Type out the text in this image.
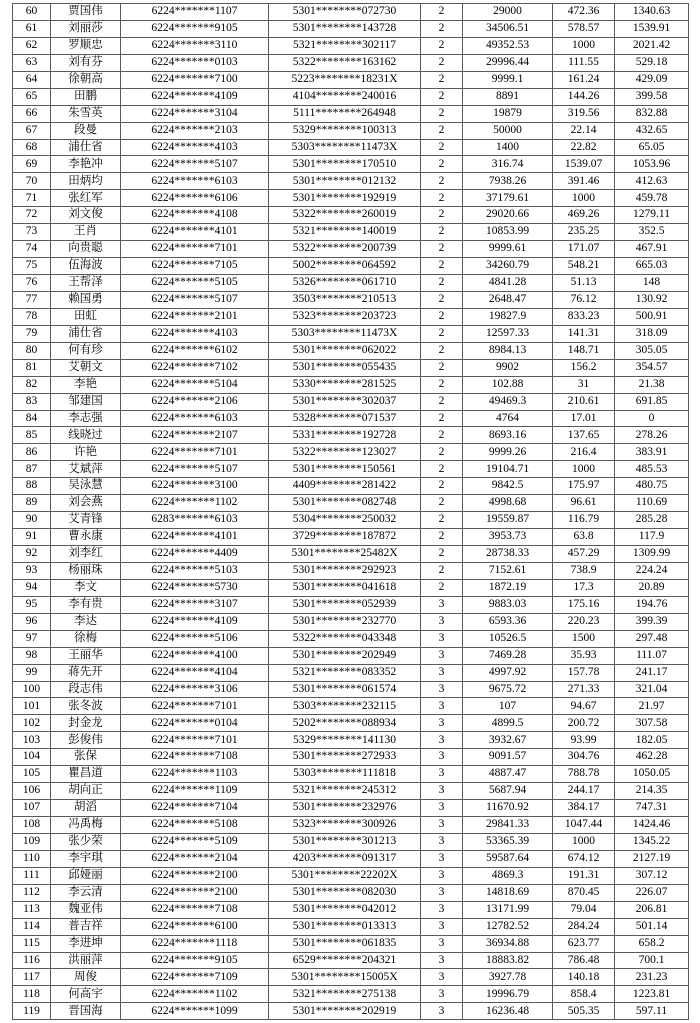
60	贾国伟	6224*******1107	5301********072730	2	29000	472.36	1340.63
61	刘丽莎	6224*******9105	5301********143728	2	34506.51	578.57	1539.91
62	罗顺忠	6224*******3110	5321********302117	2	49352.53	1000	2021.42
63	刘有芬	6224*******0103	5322********163162	2	29996.44	111.55	529.18
64	徐朝高	6224*******7100	5223********18231X	2	9999.1	161.24	429.09
65	田鹏	6224*******4109	4104********240016	2	8891	144.26	399.58
66	朱雪英	6224*******3104	5111********264948	2	19879	319.56	832.88
67	段曼	6224*******2103	5329********100313	2	50000	22.14	432.65
68	浦仕省	6224*******4103	5303********11473X	2	1400	22.82	65.05
69	李艳冲	6224*******5107	5301********170510	2	316.74	1539.07	1053.96
70	田炳均	6224*******6103	5301********012132	2	7938.26	391.46	412.63
71	张红军	6224*******6106	5301********192919	2	37179.61	1000	459.78
72	刘文俊	6224*******4108	5322********260019	2	29020.66	469.26	1279.11
73	王肖	6224*******4101	5321********140019	2	10853.99	235.25	352.5
74	向贵聪	6224*******7101	5322********200739	2	9999.61	171.07	467.91
75	伍海波	6224*******7105	5002********064592	2	34260.79	548.21	665.03
76	王帮泽	6224*******5105	5326********061710	2	4841.28	51.13	148
77	赖国勇	6224*******5107	3503********210513	2	2648.47	76.12	130.92
78	田虹	6224*******2101	5323********203723	2	19827.9	833.23	500.91
79	浦仕省	6224*******4103	5303********11473X	2	12597.33	141.31	318.09
80	何有珍	6224*******6102	5301********062022	2	8984.13	148.71	305.05
81	艾朝文	6224*******7102	5301********055435	2	9902	156.2	354.57
82	李艳	6224*******5104	5330********281525	2	102.88	31	21.38
83	邹建国	6224*******2106	5301********302037	2	49469.3	210.61	691.85
84	李志强	6224*******6103	5328********071537	2	4764	17.01	0
85	线晓过	6224*******2107	5331********192728	2	8693.16	137.65	278.26
86	许艳	6224*******7101	5322********123027	2	9999.26	216.4	383.91
87	艾斌萍	6224*******5107	5301********150561	2	19104.71	1000	485.53
88	吴泳慧	6224*******3100	4409********281422	2	9842.5	175.97	480.75
89	刘会燕	6224*******1102	5301********082748	2	4998.68	96.61	110.69
90	艾青锋	6283*******6103	5304********250032	2	19559.87	116.79	285.28
91	曹永康	6224*******4101	3729********187872	2	3953.73	63.8	117.9
92	刘李红	6224*******4409	5301********25482X	2	28738.33	457.29	1309.99
93	杨丽珠	6224*******5103	5301********292923	2	7152.61	738.9	224.24
94	李文	6224*******5730	5301********041618	2	1872.19	17.3	20.89
95	李有贵	6224*******3107	5301********052939	3	9883.03	175.16	194.76
96	李达	6224*******4109	5301********232770	3	6593.36	220.23	399.39
97	徐梅	6224*******5106	5322********043348	3	10526.5	1500	297.48
98	王丽华	6224*******4100	5301********202949	3	7469.28	35.93	111.07
99	蒋先开	6224*******4104	5321********083352	3	4997.92	157.78	241.17
100	段志伟	6224*******3106	5301********061574	3	9675.72	271.33	321.04
101	张冬波	6224*******7101	5303********232115	3	107	94.67	21.97
102	封金龙	6224*******0104	5202********088934	3	4899.5	200.72	307.58
103	彭俊伟	6224*******7101	5329********141130	3	3932.67	93.99	182.05
104	张保	6224*******7108	5301********272933	3	9091.57	304.76	462.28
105	瞿昌道	6224*******1103	5303********111818	3	4887.47	788.78	1050.05
106	胡向正	6224*******1109	5321********245312	3	5687.94	244.17	214.35
107	胡滔	6224*******7104	5301********232976	3	11670.92	384.17	747.31
108	冯禹梅	6224*******5108	5323********300926	3	29841.33	1047.44	1424.46
109	张少荣	6224*******5109	5301********301213	3	53365.39	1000	1345.22
110	李宇琪	6224*******2104	4203********091317	3	59587.64	674.12	2127.19
111	邱娅丽	6224*******2100	5301********22202X	3	4869.3	191.31	307.12
112	李云清	6224*******2100	5301********082030	3	14818.69	870.45	226.07
113	魏亚伟	6224*******7108	5301********042012	3	13171.99	79.04	206.81
114	普吉祥	6224*******6100	5301********013313	3	12782.52	284.24	501.14
115	李进坤	6224*******1118	5301********061835	3	36934.88	623.77	658.2
116	洪丽萍	6224*******9105	6529********204321	3	18883.82	786.48	700.1
117	周俊	6224*******7109	5301********15005X	3	3927.78	140.18	231.23
118	何高宇	6224*******1102	5321********275138	3	19996.79	858.4	1223.81
119	晋国海	6224*******1099	5301********202919	3	16236.48	505.35	597.11
